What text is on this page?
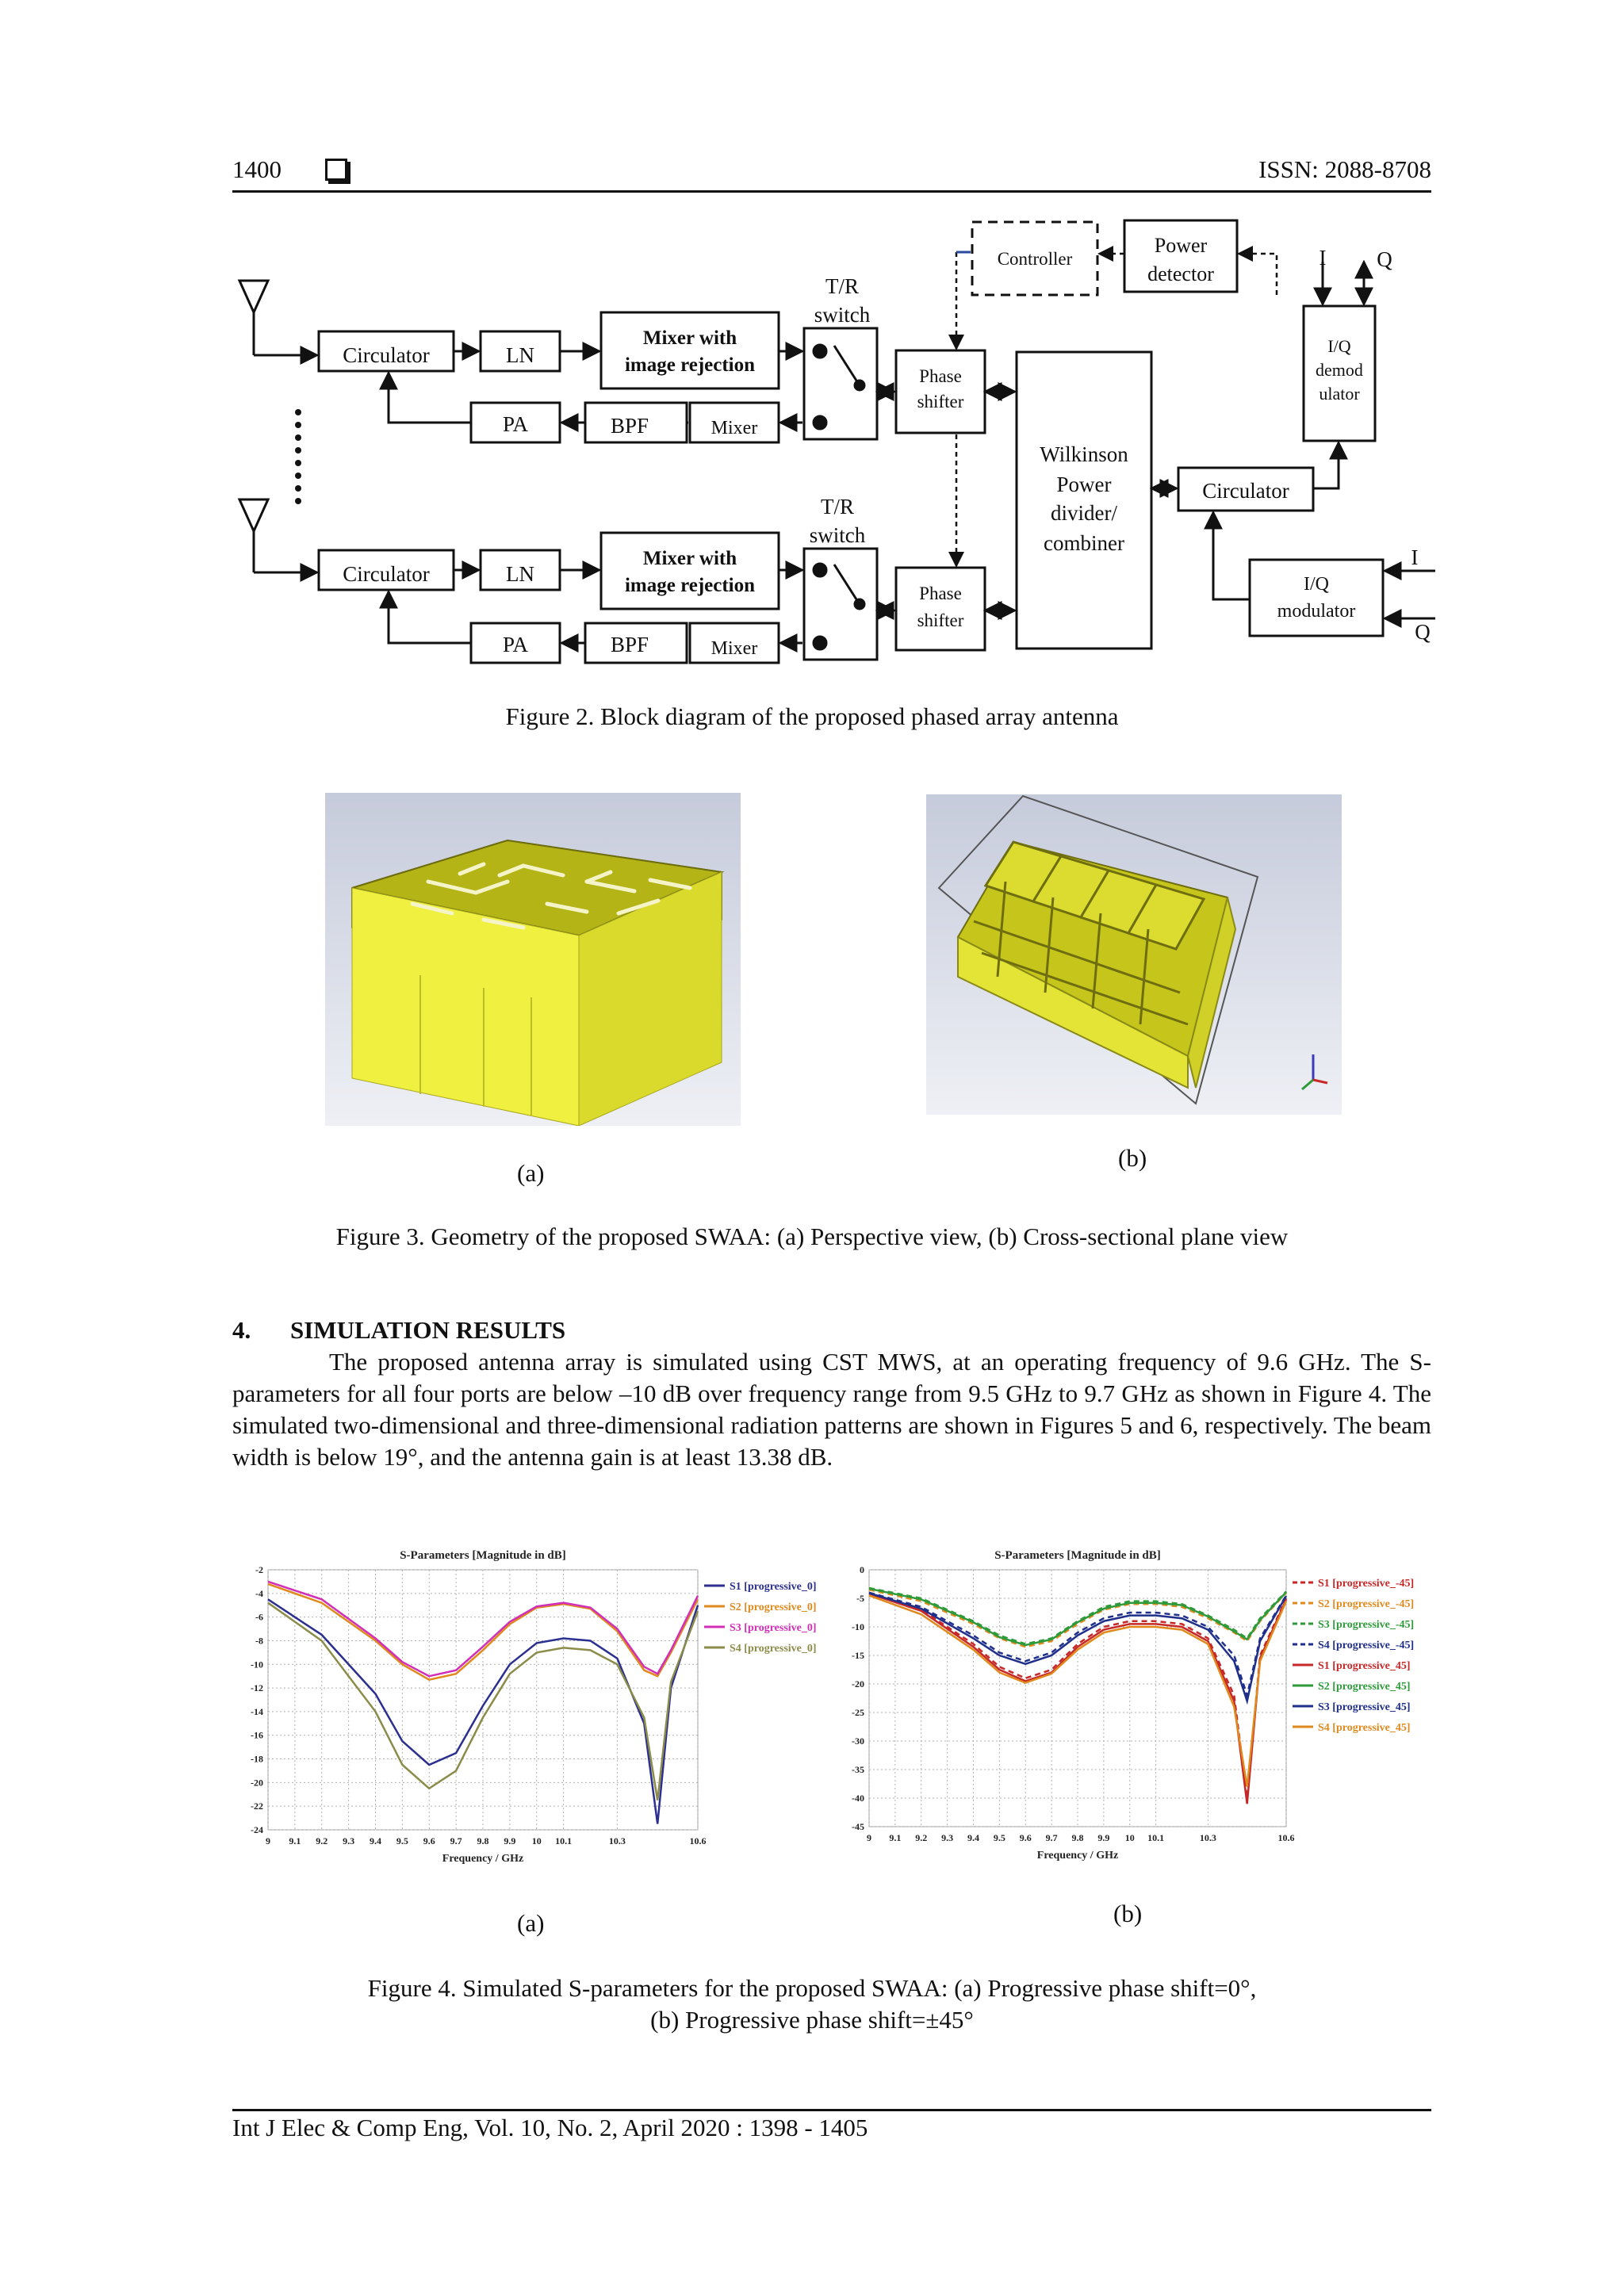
1400	ISSN: 2088-8708
Circulator	LN
Mixer with
image rejection
PA	BPF	Mixer
T/R
switch
Phase
shifter
Circulator	LN
Mixer with
image rejection
PA	BPF	Mixer
T/R
switch
Phase
shifter
Wilkinson
Power
divider/
combiner
Circulator
I/Q
modulator
I/Q
demod
ulator
Power
detector
Controller	I Q
I
Q
Figure 2. Block diagram of the proposed phased array antenna
(a)
(b)
Figure 3. Geometry of the proposed SWAA: (a) Perspective view, (b) Cross-sectional plane view
4. SIMULATION RESULTS
The proposed antenna array is simulated using CST MWS, at an operating frequency of 9.6 GHz. The S-parameters for all four ports are below –10 dB over frequency range from 9.5 GHz to 9.7 GHz as shown in Figure 4. The simulated two-dimensional and three-dimensional radiation patterns are shown in Figures 5 and 6, respectively. The beam width is below 19°, and the antenna gain is at least 13.38 dB.
S-Parameters [Magnitude in dB]
9 9.1 9.2 9.3 9.4 9.5 9.6 9.7 9.8 9.9 10 10.1	10.3	10.6
-2
-4
-6
-8
-10
-12
-14
-16
-18
-20
-22
-24
Frequency / GHz
S1 [progressive_0]
S2 [progressive_0]
S3 [progressive_0]
S4 [progressive_0]
S-Parameters [Magnitude in dB]
9 9.1 9.2 9.3 9.4 9.5 9.6 9.7 9.8 9.9 10 10.1	10.3	10.6
0
-5
-10
-15
-20
-25
-30
-35
-40
-45
Frequency / GHz
S1 [progressive_-45]
S2 [progressive_-45]
S3 [progressive_-45]
S4 [progressive_-45]
S1 [progressive_45]
S2 [progressive_45]
S3 [progressive_45]
S4 [progressive_45]
(a)	(b)
Figure 4. Simulated S-parameters for the proposed SWAA: (a) Progressive phase shift=0°,
(b) Progressive phase shift=±45°
Int J Elec & Comp Eng, Vol. 10, No. 2, April 2020 : 1398 - 1405
